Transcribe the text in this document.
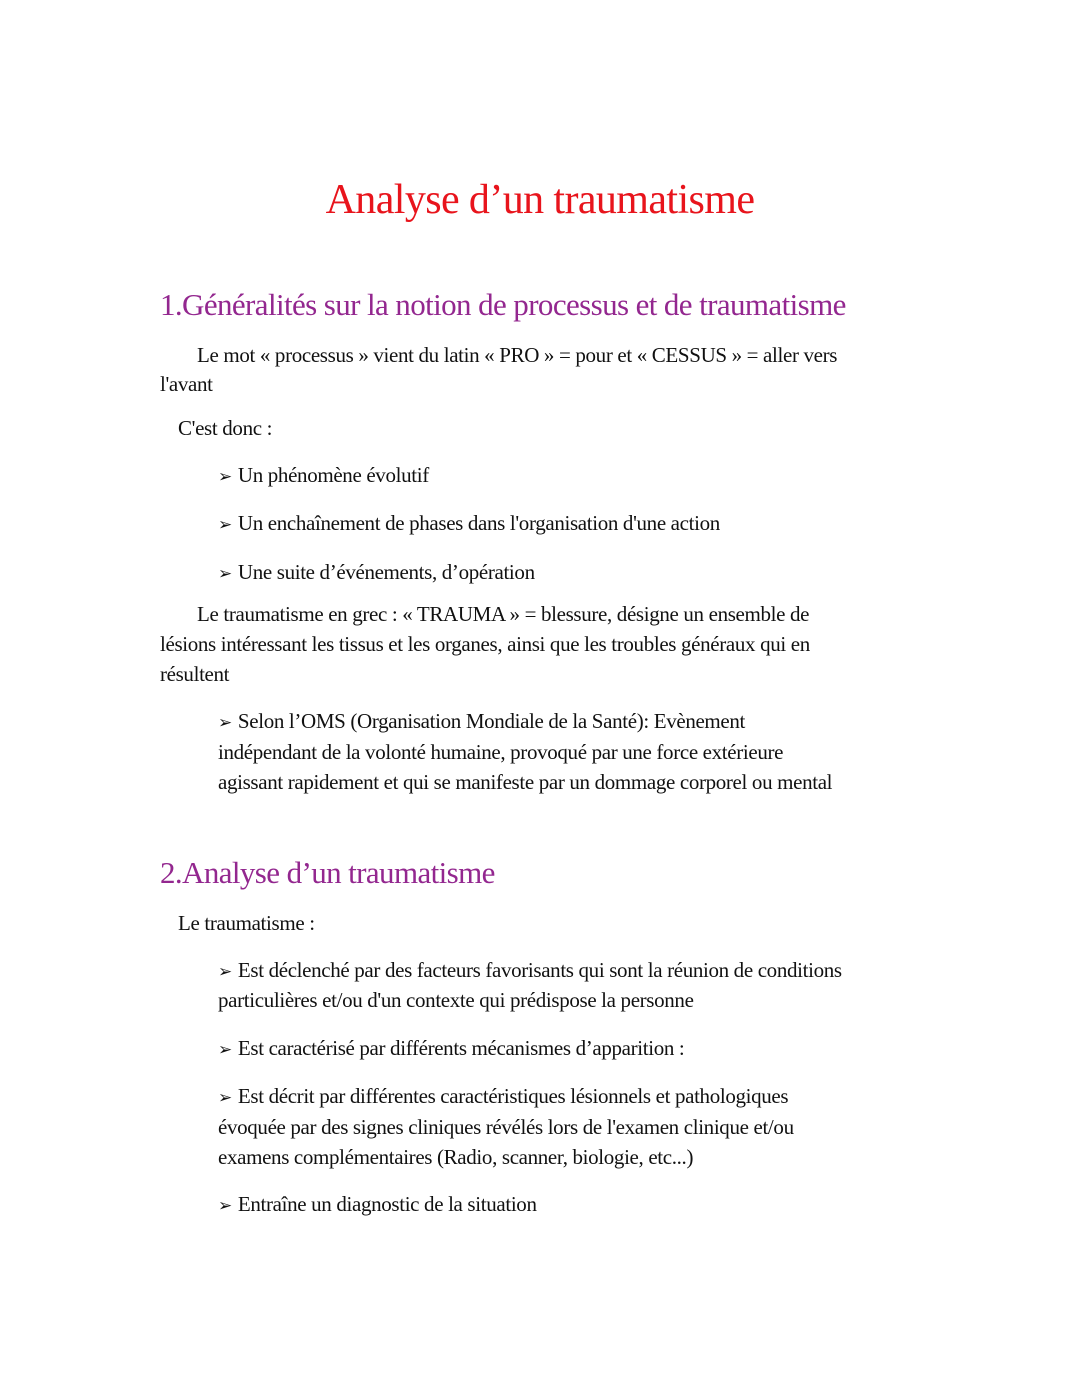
Analyse d’un traumatisme
1.Généralités sur la notion de processus et de traumatisme
Le mot « processus » vient du latin « PRO » = pour et « CESSUS » = aller vers
l'avant
C'est donc :
➢ Un phénomène évolutif
➢ Un enchaînement de phases dans l'organisation d'une action
➢ Une suite d’événements, d’opération
Le traumatisme en grec : « TRAUMA » = blessure, désigne un ensemble de
lésions intéressant les tissus et les organes, ainsi que les troubles généraux qui en
résultent
➢ Selon l’OMS (Organisation Mondiale de la Santé): Evènement
indépendant de la volonté humaine, provoqué par une force extérieure
agissant rapidement et qui se manifeste par un dommage corporel ou mental
2.Analyse d’un traumatisme
Le traumatisme :
➢ Est déclenché par des facteurs favorisants qui sont la réunion de conditions
particulières et/ou d'un contexte qui prédispose la personne
➢ Est caractérisé par différents mécanismes d’apparition :
➢ Est décrit par différentes caractéristiques lésionnels et pathologiques
évoquée par des signes cliniques révélés lors de l'examen clinique et/ou
examens complémentaires (Radio, scanner, biologie, etc...)
➢ Entraîne un diagnostic de la situation
